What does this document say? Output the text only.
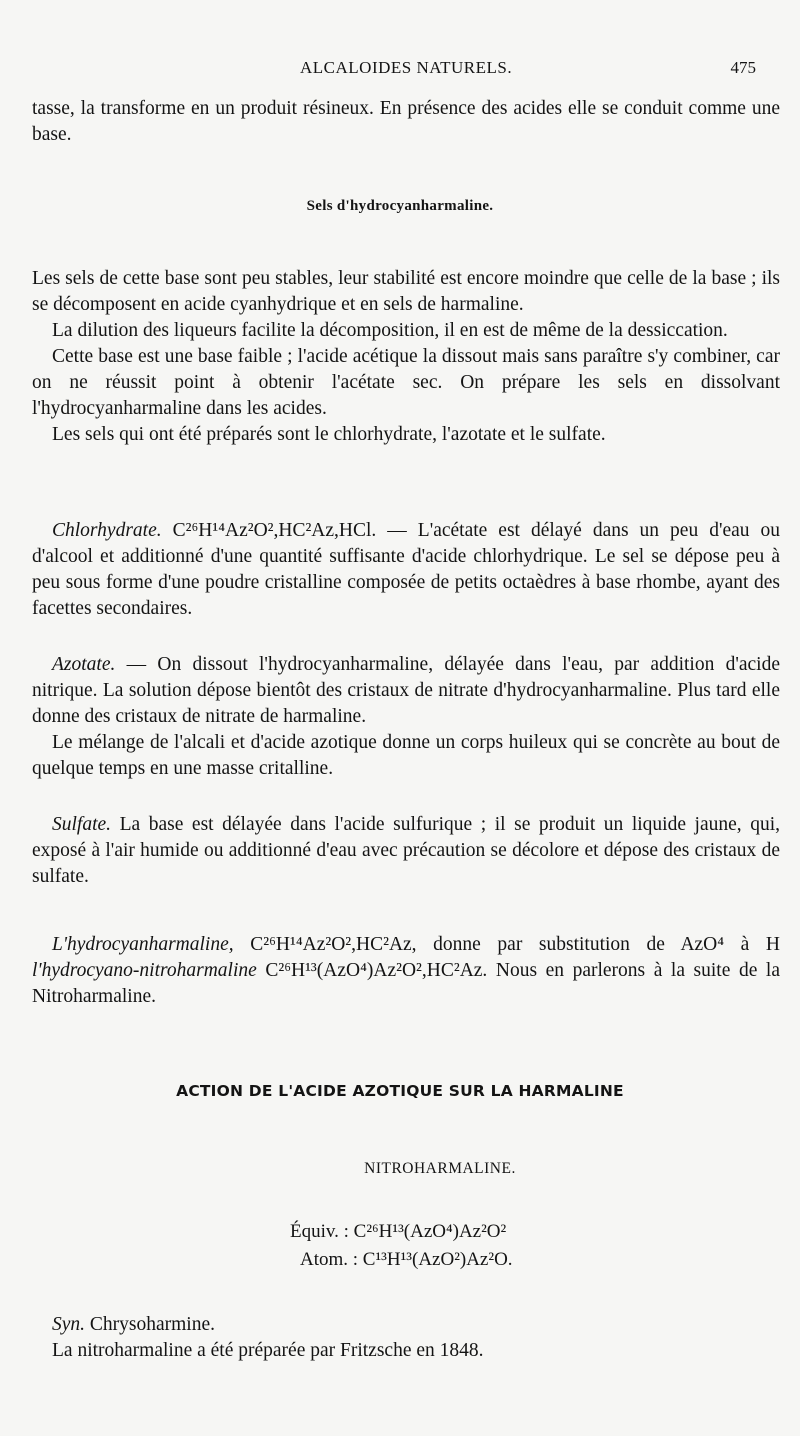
ALCALOIDES NATURELS.	475

tasse, la transforme en un produit résineux. En présence des acides elle se conduit comme une base.

Sels d'hydrocyanharmaline.

Les sels de cette base sont peu stables, leur stabilité est encore moindre que celle de la base ; ils se décomposent en acide cyanhydrique et en sels de harmaline.

La dilution des liqueurs facilite la décomposition, il en est de même de la dessiccation.

Cette base est une base faible ; l'acide acétique la dissout mais sans paraître s'y combiner, car on ne réussit point à obtenir l'acétate sec. On prépare les sels en dissolvant l'hydrocyanharmaline dans les acides.

Les sels qui ont été préparés sont le chlorhydrate, l'azotate et le sulfate.

Chlorhydrate. C²⁶H¹⁴Az²O²,HC²Az,HCl. — L'acétate est délayé dans un peu d'eau ou d'alcool et additionné d'une quantité suffisante d'acide chlorhydrique. Le sel se dépose peu à peu sous forme d'une poudre cristalline composée de petits octaèdres à base rhombe, ayant des facettes secondaires.

Azotate. — On dissout l'hydrocyanharmaline, délayée dans l'eau, par addition d'acide nitrique. La solution dépose bientôt des cristaux de nitrate d'hydrocyanharmaline. Plus tard elle donne des cristaux de nitrate de harmaline.

Le mélange de l'alcali et d'acide azotique donne un corps huileux qui se concrète au bout de quelque temps en une masse critalline.

Sulfate. La base est délayée dans l'acide sulfurique ; il se produit un liquide jaune, qui, exposé à l'air humide ou additionné d'eau avec précaution se décolore et dépose des cristaux de sulfate.

L'hydrocyanharmaline, C²⁶H¹⁴Az²O²,HC²Az, donne par substitution de AzO⁴ à H l'hydrocyano-nitroharmaline C²⁶H¹³(AzO⁴)Az²O²,HC²Az. Nous en parlerons à la suite de la Nitroharmaline.

ACTION DE L'ACIDE AZOTIQUE SUR LA HARMALINE
NITROHARMALINE.
Équiv. : C²⁶H¹³(AzO⁴)Az²O²
Atom. : C¹³H¹³(AzO²)Az²O.

Syn. Chrysoharmine.

La nitroharmaline a été préparée par Fritzsche en 1848.
